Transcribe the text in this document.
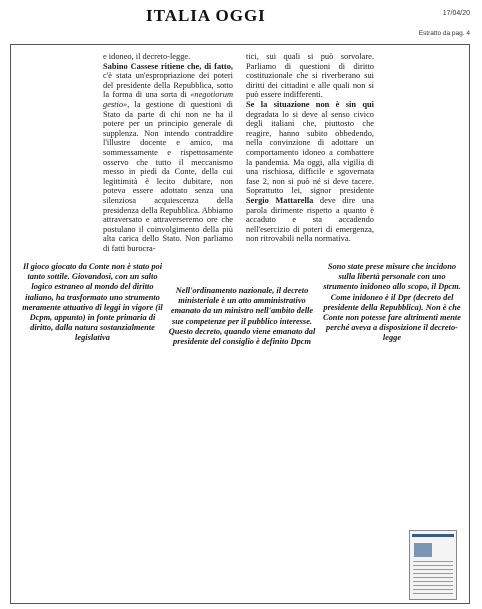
ITALIA OGGI	17/04/20
Estratto da pag. 4

e idoneo, il decreto-legge.

Sabino Cassese ritiene che, di fatto, c'è stata un'espropriazione dei poteri del presidente della Repubblica, sotto la forma di una sorta di «negotiorum gestio», la gestione di questioni di Stato da parte di chi non ne ha il potere per un principio generale di supplenza. Non intendo contraddire l'illustre docente e amico, ma sommessamente e rispettosamente osservo che tutto il meccanismo messo in piedi da Conte, della cui legittimità è lecito dubitare, non poteva essere adottato senza una silenziosa acquiescenza della presidenza della Repubblica. Abbiamo attraversato e attraverseremo ore che postulano il coinvolgimento della più alta carica dello Stato. Non parliamo di fatti burocra-

tici, sui quali si può sorvolare. Parliamo di questioni di diritto costituzionale che si riverberano sui diritti dei cittadini e alle quali non si può essere indifferenti.

Se la situazione non è sin qui degradata lo si deve al senso civico degli italiani che, piuttosto che reagire, hanno subito obbedendo, nella convinzione di adottare un comportamento idoneo a combattere la pandemia. Ma oggi, alla vigilia di una rischiosa, difficile e sgovernata fase 2, non si può né si deve tacere. Soprattutto lei, signor presidente Sergio Mattarella deve dire una parola dirimente rispetto a quanto è accaduto e sta accadendo nell'esercizio di poteri di emergenza, non ritrovabili nella normativa.

Il gioco giocato da Conte non è stato poi tanto sottile. Giovandosi, con un salto logico estraneo al mondo del diritto italiano, ha trasformato uno strumento meramente attuativo di leggi in vigore (il Dcpm, appunto) in fonte primaria di diritto, dalla natura sostanzialmente legislativa
Nell'ordinamento nazionale, il decreto ministeriale è un atto amministrativo emanato da un ministro nell'ambito delle sue competenze per il pubblico interesse. Questo decreto, quando viene emanato dal presidente del consiglio è definito Dpcm
Sono state prese misure che incidono sulla libertà personale con uno strumento inidoneo allo scopo, il Dpcm. Come inidoneo è il Dpr (decreto del presidente della Repubblica). Non è che Conte non potesse fare altrimenti mente perché aveva a disposizione il decreto-legge
